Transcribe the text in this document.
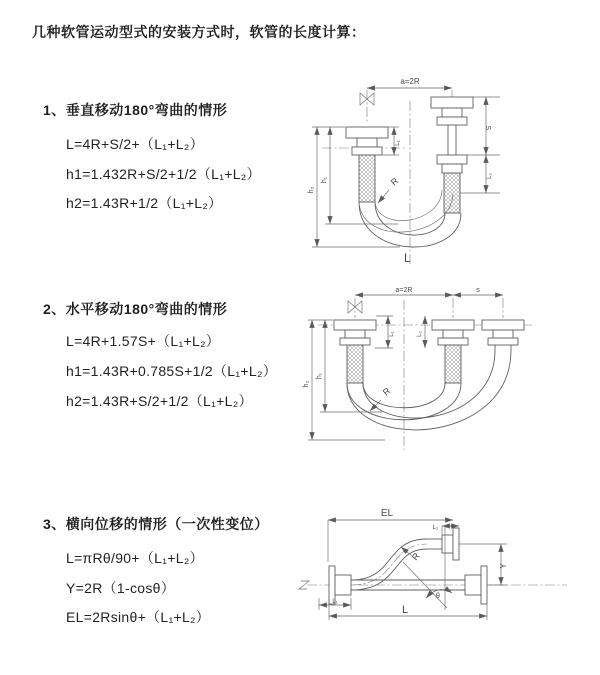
几种软管运动型式的安装方式时，软管的长度计算：
1、垂直移动180°弯曲的情形
L=4R+S/2+（L₁+L₂）
h1=1.432R+S/2+1/2（L₁+L₂）
h2=1.43R+1/2（L₁+L₂）
2、水平移动180°弯曲的情形
L=4R+1.57S+（L₁+L₂）
h1=1.43R+0.785S+1/2（L₁+L₂）
h2=1.43R+S/2+1/2（L₁+L₂）
3、横向位移的情形（一次性变位）
L=πRθ/90+（L₁+L₂）
Y=2R（1-cosθ）
EL=2Rsinθ+（L₁+L₂）
a=2R
h₂
h₁
L₁
S
L₂
R
L
a=2R	s
L₁	L₂
h₂
h₁
R
EL
L₁
Y
L
L₁
θ
R
